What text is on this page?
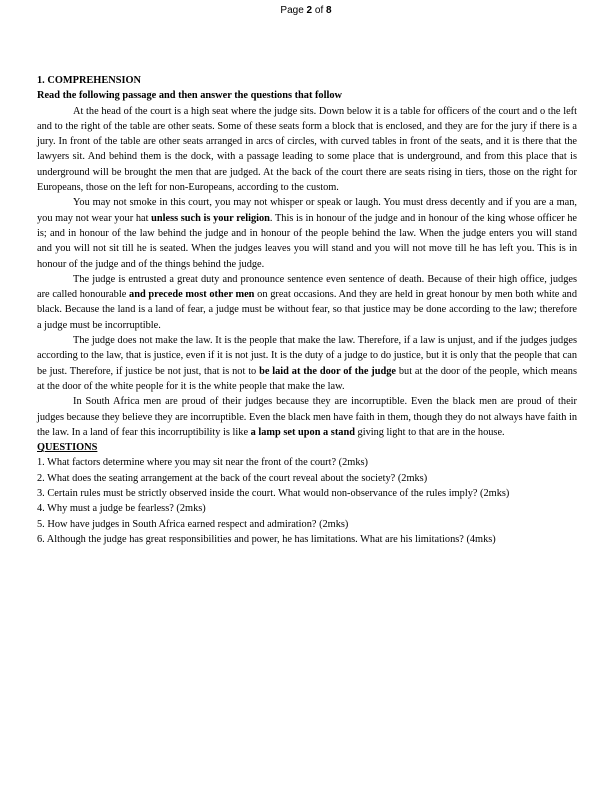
Page 2 of 8

1. COMPREHENSION

Read the following passage and then answer the questions that follow

At the head of the court is a high seat where the judge sits. Down below it is a table for officers of the court and o the left and to the right of the table are other seats. Some of these seats form a block that is enclosed, and they are for the jury if there is a jury. In front of the table are other seats arranged in arcs of circles, with curved tables in front of the seats, and it is there that the lawyers sit. And behind them is the dock, with a passage leading to some place that is underground, and from this place that is underground will be brought the men that are judged. At the back of the court there are seats rising in tiers, those on the right for Europeans, those on the left for non-Europeans, according to the custom.

You may not smoke in this court, you may not whisper or speak or laugh. You must dress decently and if you are a man, you may not wear your hat unless such is your religion. This is in honour of the judge and in honour of the king whose officer he is; and in honour of the law behind the judge and in honour of the people behind the law. When the judge enters you will stand and you will not sit till he is seated. When the judges leaves you will stand and you will not move till he has left you. This is in honour of the judge and of the things behind the judge.

The judge is entrusted a great duty and pronounce sentence even sentence of death. Because of their high office, judges are called honourable and precede most other men on great occasions. And they are held in great honour by men both white and black. Because the land is a land of fear, a judge must be without fear, so that justice may be done according to the law; therefore a judge must be incorruptible.

The judge does not make the law. It is the people that make the law. Therefore, if a law is unjust, and if the judges judges according to the law, that is justice, even if it is not just. It is the duty of a judge to do justice, but it is only that the people that can be just. Therefore, if justice be not just, that is not to be laid at the door of the judge but at the door of the people, which means at the door of the white people for it is the white people that make the law.

In South Africa men are proud of their judges because they are incorruptible. Even the black men are proud of their judges because they believe they are incorruptible. Even the black men have faith in them, though they do not always have faith in the law. In a land of fear this incorruptibility is like a lamp set upon a stand giving light to that are in the house.

QUESTIONS

1. What factors determine where you may sit near the front of the court? (2mks)

2. What does the seating arrangement at the back of the court reveal about the society? (2mks)

3. Certain rules must be strictly observed inside the court. What would non-observance of the rules imply? (2mks)

4. Why must a judge be fearless? (2mks)

5. How have judges in South Africa earned respect and admiration? (2mks)

6. Although the judge has great responsibilities and power, he has limitations. What are his limitations? (4mks)
